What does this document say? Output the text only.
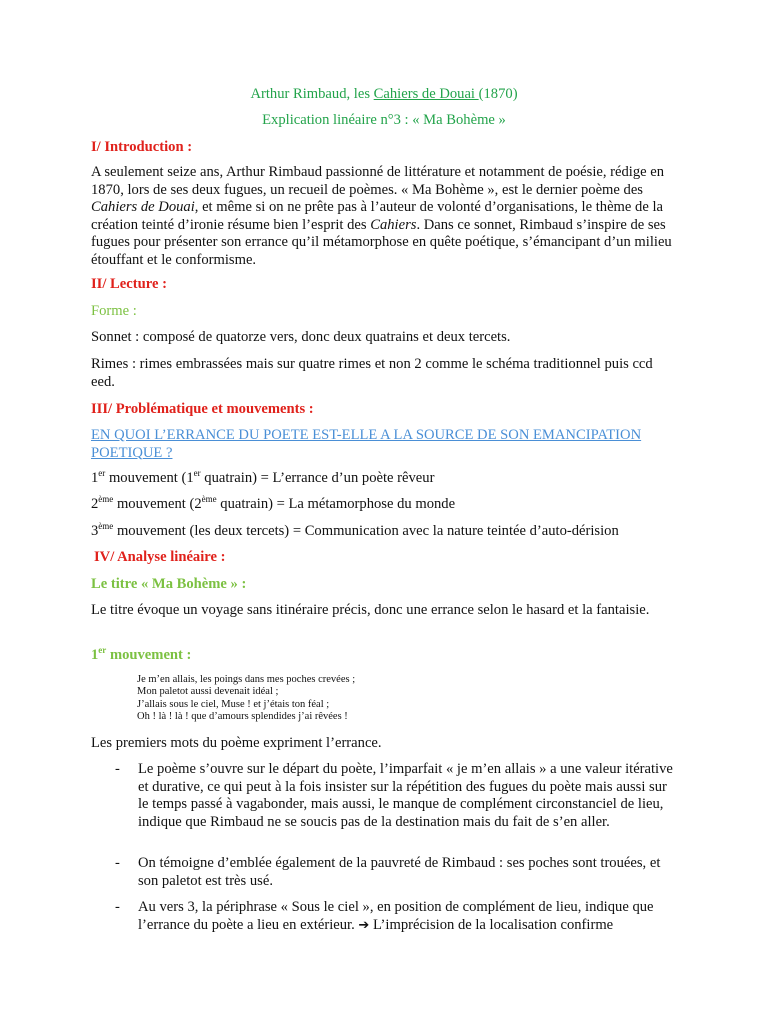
Arthur Rimbaud, les Cahiers de Douai (1870)
Explication linéaire n°3 : « Ma Bohème »
I/ Introduction :
A seulement seize ans, Arthur Rimbaud passionné de littérature et notamment de poésie, rédige en 1870, lors de ses deux fugues, un recueil de poèmes. « Ma Bohème », est le dernier poème des Cahiers de Douai, et même si on ne prête pas à l’auteur de volonté d’organisations, le thème de la création teinté d’ironie résume bien l’esprit des Cahiers. Dans ce sonnet, Rimbaud s’inspire de ses fugues pour présenter son errance qu’il métamorphose en quête poétique, s’émancipant d’un milieu étouffant et le conformisme.
II/ Lecture :
Forme :
Sonnet : composé de quatorze vers, donc deux quatrains et deux tercets.
Rimes : rimes embrassées mais sur quatre rimes et non 2 comme le schéma traditionnel puis ccd eed.
III/ Problématique et mouvements :
EN QUOI L’ERRANCE DU POETE EST-ELLE A LA SOURCE DE SON EMANCIPATION POETIQUE ?
1er mouvement (1er quatrain) = L’errance d’un poète rêveur
2ème mouvement (2ème quatrain) = La métamorphose du monde
3ème mouvement (les deux tercets) = Communication avec la nature teintée d’auto-dérision
IV/ Analyse linéaire :
Le titre « Ma Bohème » :
Le titre évoque un voyage sans itinéraire précis, donc une errance selon le hasard et la fantaisie.
1er mouvement :
Je m’en allais, les poings dans mes poches crevées ;
Mon paletot aussi devenait idéal ;
J’allais sous le ciel, Muse ! et j’étais ton féal ;
Oh ! là ! là ! que d’amours splendides j’ai rêvées !
Les premiers mots du poème expriment l’errance.
- Le poème s’ouvre sur le départ du poète, l’imparfait « je m’en allais » a une valeur itérative et durative, ce qui peut à la fois insister sur la répétition des fugues du poète mais aussi sur le temps passé à vagabonder, mais aussi, le manque de complément circonstanciel de lieu, indique que Rimbaud ne se soucis pas de la destination mais du fait de s’en aller.
- On témoigne d’emblée également de la pauvreté de Rimbaud : ses poches sont trouées, et son paletot est très usé.
- Au vers 3, la périphrase « Sous le ciel », en position de complément de lieu, indique que l’errance du poète a lieu en extérieur. ➔ L’imprécision de la localisation confirme
